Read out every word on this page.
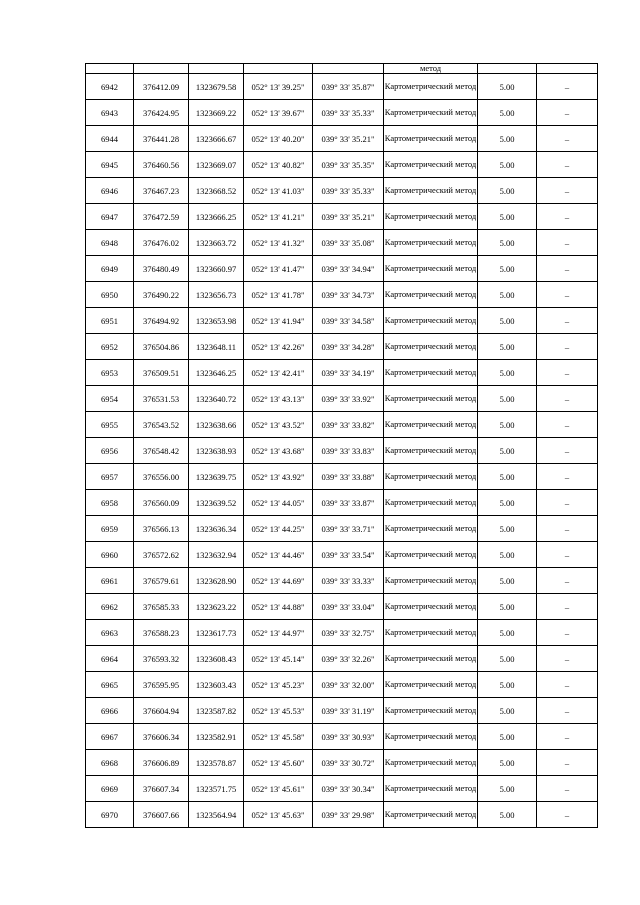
					метод		
6942	376412.09	1323679.58	052° 13' 39.25"	039° 33' 35.87"	Картометрический метод	5.00	–
6943	376424.95	1323669.22	052° 13' 39.67"	039° 33' 35.33"	Картометрический метод	5.00	–
6944	376441.28	1323666.67	052° 13' 40.20"	039° 33' 35.21"	Картометрический метод	5.00	–
6945	376460.56	1323669.07	052° 13' 40.82"	039° 33' 35.35"	Картометрический метод	5.00	–
6946	376467.23	1323668.52	052° 13' 41.03"	039° 33' 35.33"	Картометрический метод	5.00	–
6947	376472.59	1323666.25	052° 13' 41.21"	039° 33' 35.21"	Картометрический метод	5.00	–
6948	376476.02	1323663.72	052° 13' 41.32"	039° 33' 35.08"	Картометрический метод	5.00	–
6949	376480.49	1323660.97	052° 13' 41.47"	039° 33' 34.94"	Картометрический метод	5.00	–
6950	376490.22	1323656.73	052° 13' 41.78"	039° 33' 34.73"	Картометрический метод	5.00	–
6951	376494.92	1323653.98	052° 13' 41.94"	039° 33' 34.58"	Картометрический метод	5.00	–
6952	376504.86	1323648.11	052° 13' 42.26"	039° 33' 34.28"	Картометрический метод	5.00	–
6953	376509.51	1323646.25	052° 13' 42.41"	039° 33' 34.19"	Картометрический метод	5.00	–
6954	376531.53	1323640.72	052° 13' 43.13"	039° 33' 33.92"	Картометрический метод	5.00	–
6955	376543.52	1323638.66	052° 13' 43.52"	039° 33' 33.82"	Картометрический метод	5.00	–
6956	376548.42	1323638.93	052° 13' 43.68"	039° 33' 33.83"	Картометрический метод	5.00	–
6957	376556.00	1323639.75	052° 13' 43.92"	039° 33' 33.88"	Картометрический метод	5.00	–
6958	376560.09	1323639.52	052° 13' 44.05"	039° 33' 33.87"	Картометрический метод	5.00	–
6959	376566.13	1323636.34	052° 13' 44.25"	039° 33' 33.71"	Картометрический метод	5.00	–
6960	376572.62	1323632.94	052° 13' 44.46"	039° 33' 33.54"	Картометрический метод	5.00	–
6961	376579.61	1323628.90	052° 13' 44.69"	039° 33' 33.33"	Картометрический метод	5.00	–
6962	376585.33	1323623.22	052° 13' 44.88"	039° 33' 33.04"	Картометрический метод	5.00	–
6963	376588.23	1323617.73	052° 13' 44.97"	039° 33' 32.75"	Картометрический метод	5.00	–
6964	376593.32	1323608.43	052° 13' 45.14"	039° 33' 32.26"	Картометрический метод	5.00	–
6965	376595.95	1323603.43	052° 13' 45.23"	039° 33' 32.00"	Картометрический метод	5.00	–
6966	376604.94	1323587.82	052° 13' 45.53"	039° 33' 31.19"	Картометрический метод	5.00	–
6967	376606.34	1323582.91	052° 13' 45.58"	039° 33' 30.93"	Картометрический метод	5.00	–
6968	376606.89	1323578.87	052° 13' 45.60"	039° 33' 30.72"	Картометрический метод	5.00	–
6969	376607.34	1323571.75	052° 13' 45.61"	039° 33' 30.34"	Картометрический метод	5.00	–
6970	376607.66	1323564.94	052° 13' 45.63"	039° 33' 29.98"	Картометрический метод	5.00	–
